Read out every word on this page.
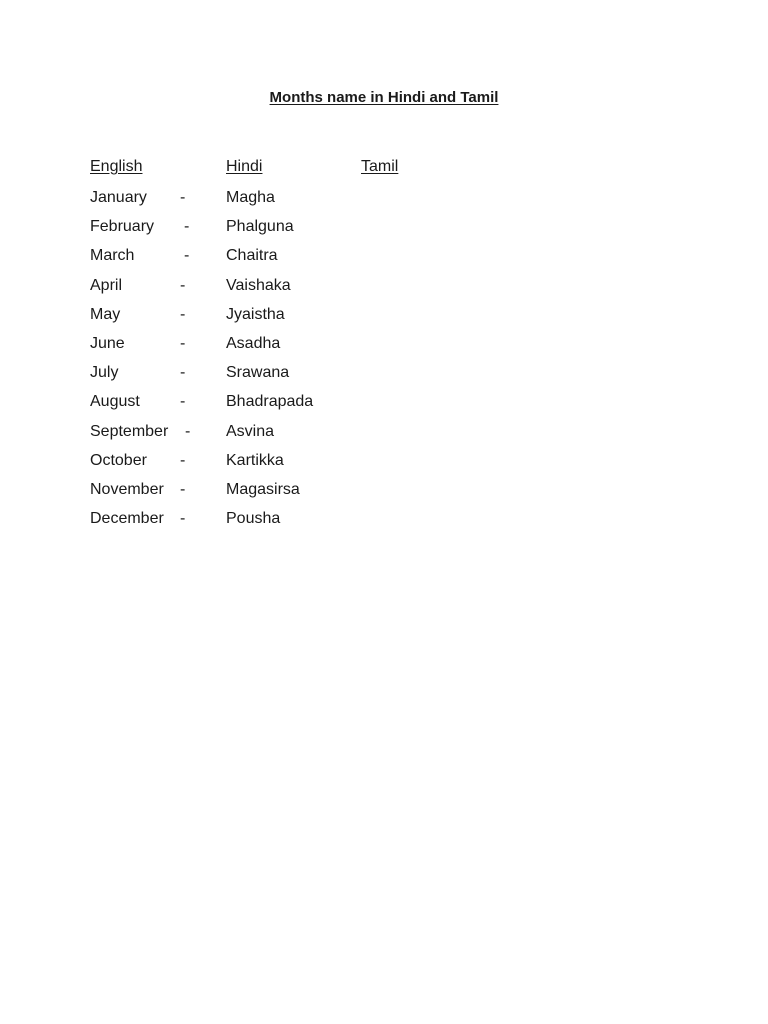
Months name in Hindi and Tamil
English	Hindi	Tamil
January -	Magha
February - Phalguna
March	- Chaitra
April	-	Vaishaka
May	-	Jyaistha
June	-	Asadha
July	-	Srawana
August	-	Bhadrapada
September - Asvina
October -	Kartikka
November -	Magasirsa
December -	Pousha
